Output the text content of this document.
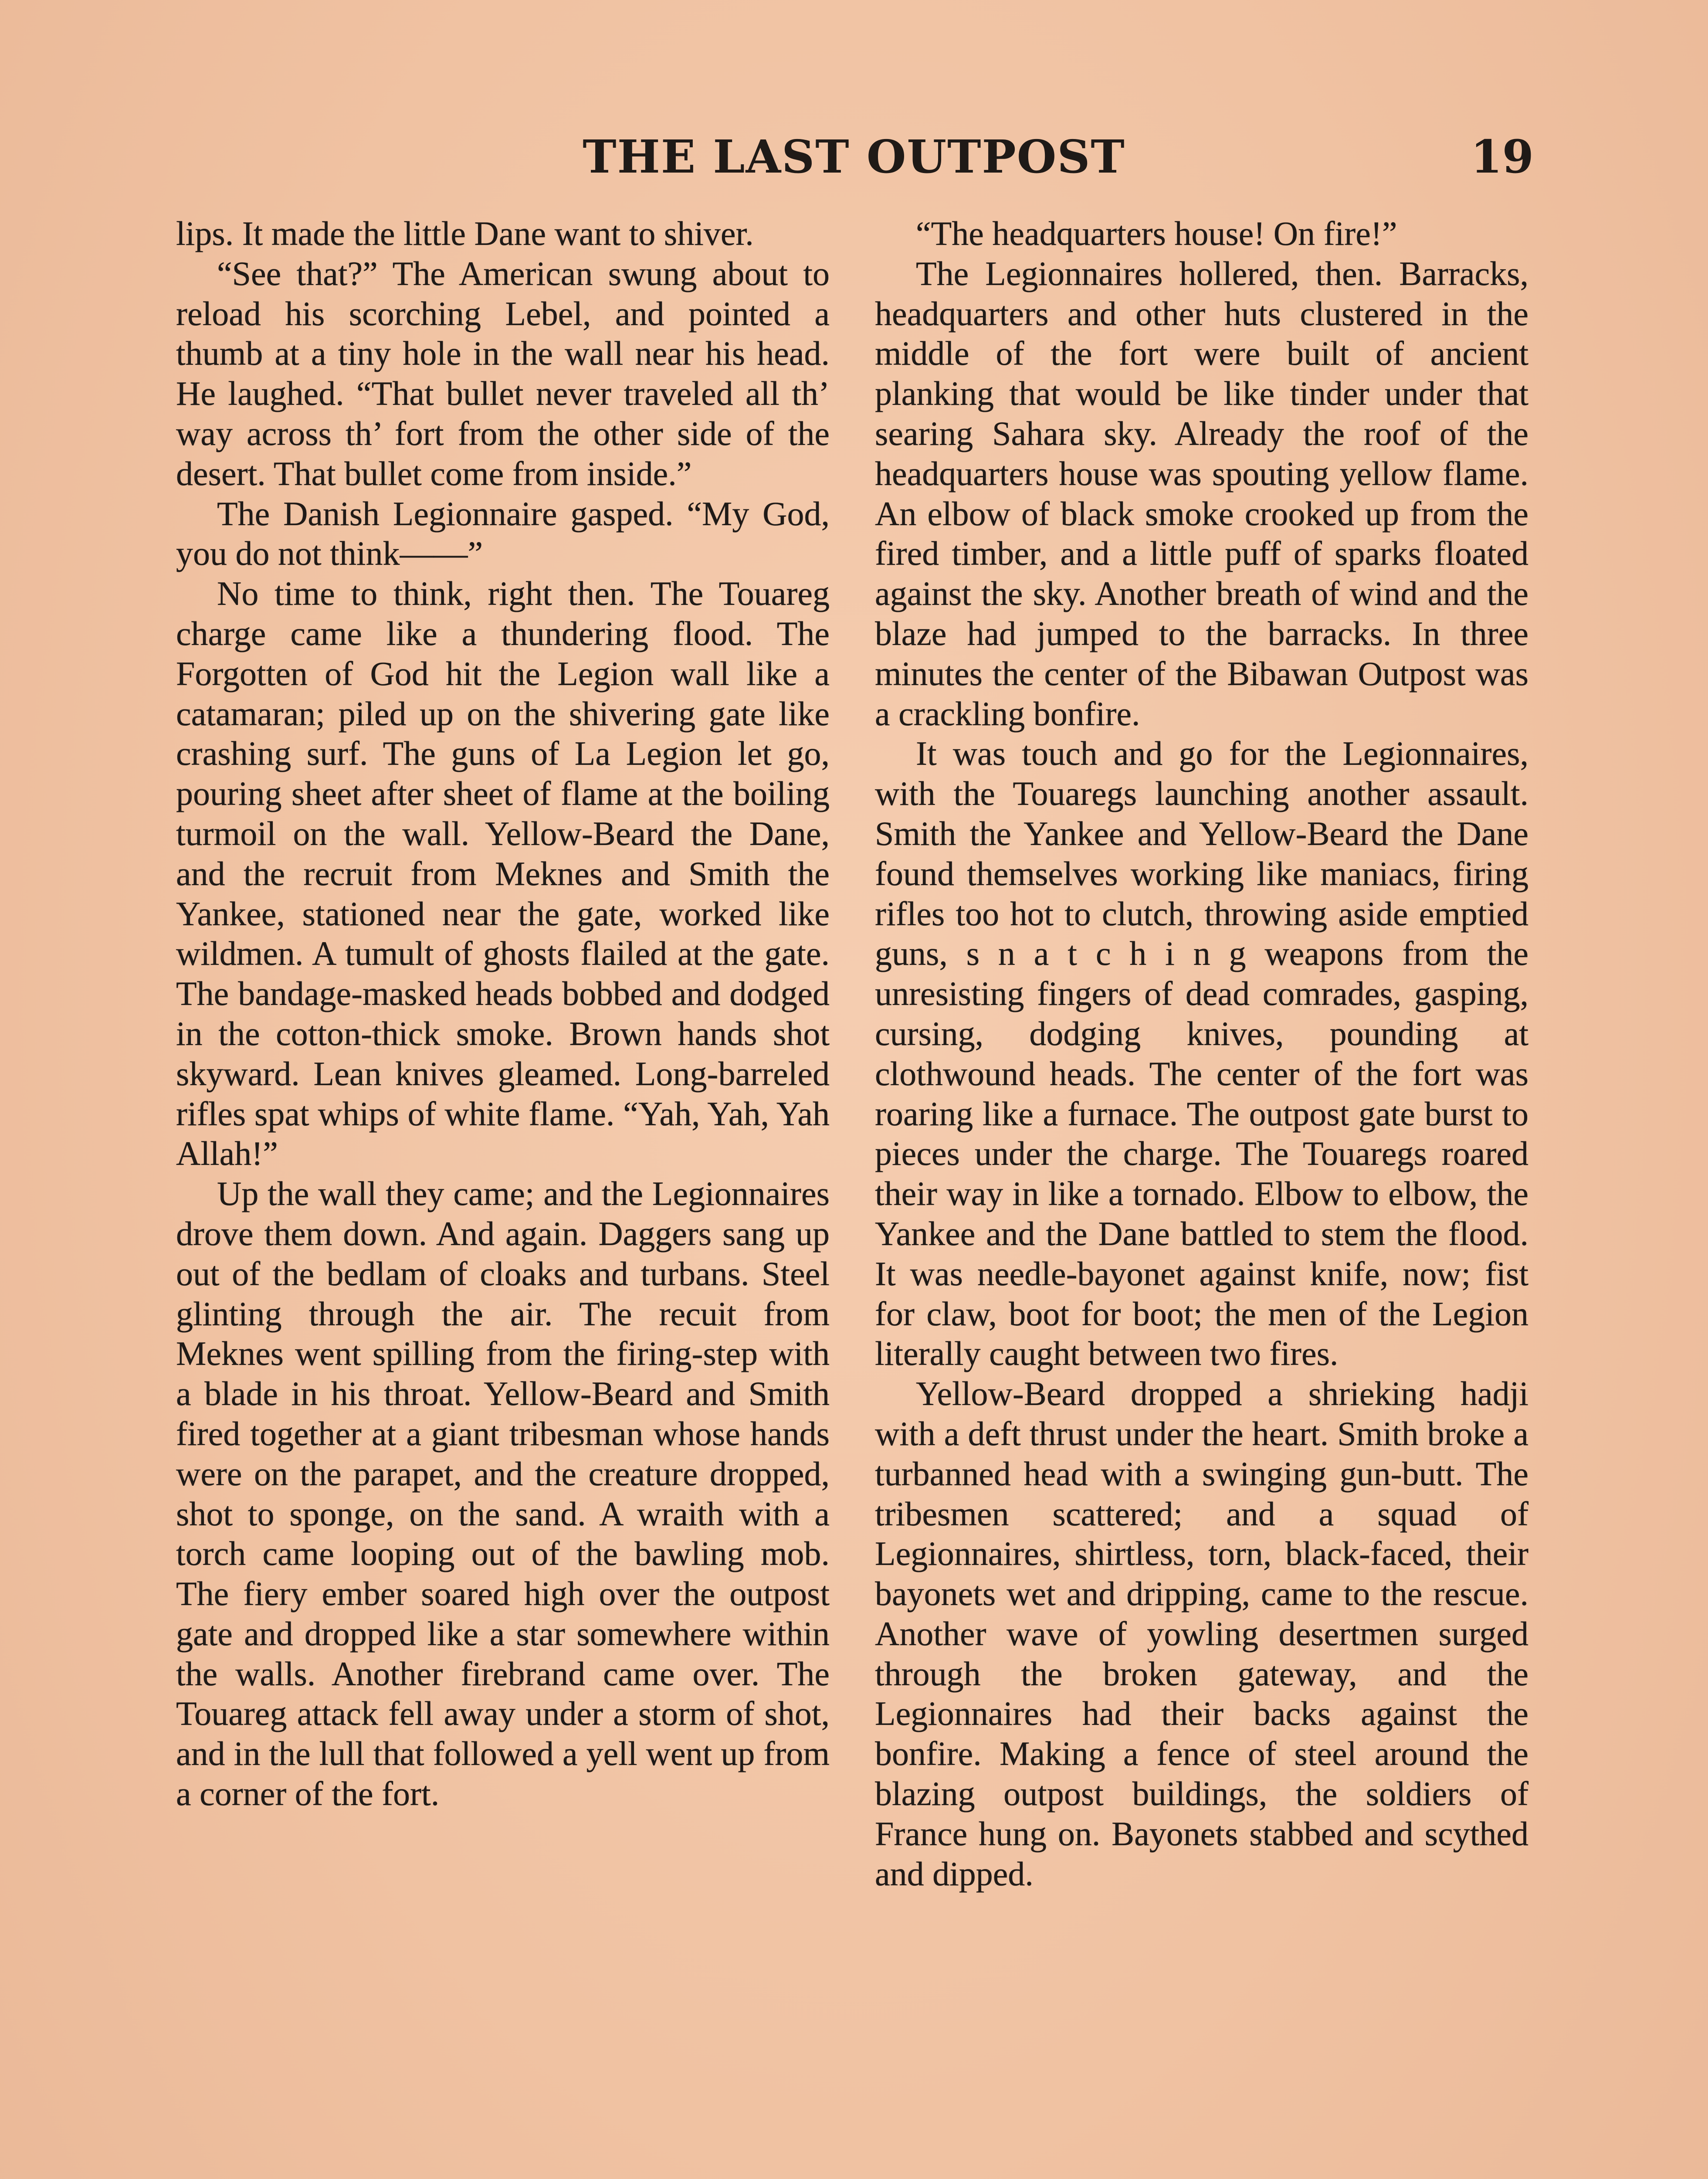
THE LAST OUTPOST	19

lips. It made the little Dane want to shiver.

“See that?” The American swung about to reload his scorching Lebel, and pointed a thumb at a tiny hole in the wall near his head. He laughed. “That bullet never traveled all th’ way across th’ fort from the other side of the desert. That bullet come from inside.”

The Danish Legionnaire gasped. “My God, you do not think——”

No time to think, right then. The Touareg charge came like a thundering flood. The Forgotten of God hit the Legion wall like a catamaran; piled up on the shivering gate like crashing surf. The guns of La Legion let go, pouring sheet after sheet of flame at the boiling turmoil on the wall. Yellow-Beard the Dane, and the recruit from Meknes and Smith the Yankee, stationed near the gate, worked like wildmen. A tumult of ghosts flailed at the gate. The bandage-masked heads bobbed and dodged in the cotton-thick smoke. Brown hands shot skyward. Lean knives gleamed. Long-barreled rifles spat whips of white flame. “Yah, Yah, Yah Allah!”

Up the wall they came; and the Legionnaires drove them down. And again. Daggers sang up out of the bedlam of cloaks and turbans. Steel glinting through the air. The recuit from Meknes went spilling from the firing-step with a blade in his throat. Yellow-Beard and Smith fired together at a giant tribesman whose hands were on the parapet, and the creature dropped, shot to sponge, on the sand. A wraith with a torch came looping out of the bawling mob. The fiery ember soared high over the outpost gate and dropped like a star somewhere within the walls. Another firebrand came over. The Touareg attack fell away under a storm of shot, and in the lull that followed a yell went up from a corner of the fort.

“The headquarters house! On fire!”

The Legionnaires hollered, then. Barracks, headquarters and other huts clustered in the middle of the fort were built of ancient planking that would be like tinder under that searing Sahara sky. Already the roof of the headquarters house was spouting yellow flame. An elbow of black smoke crooked up from the fired timber, and a little puff of sparks floated against the sky. Another breath of wind and the blaze had jumped to the barracks. In three minutes the center of the Bibawan Outpost was a crackling bonfire.

It was touch and go for the Legionnaires, with the Touaregs launching another assault. Smith the Yankee and Yellow-Beard the Dane found themselves working like maniacs, firing rifles too hot to clutch, throwing aside emptied guns, s n a t c h i n g weapons from the unresisting fingers of dead comrades, gasping, cursing, dodging knives, pounding at clothwound heads. The center of the fort was roaring like a furnace. The outpost gate burst to pieces under the charge. The Touaregs roared their way in like a tornado. Elbow to elbow, the Yankee and the Dane battled to stem the flood. It was needle-bayonet against knife, now; fist for claw, boot for boot; the men of the Legion literally caught between two fires.

Yellow-Beard dropped a shrieking hadji with a deft thrust under the heart. Smith broke a turbanned head with a swinging gun-butt. The tribesmen scattered; and a squad of Legionnaires, shirtless, torn, black-faced, their bayonets wet and dripping, came to the rescue. Another wave of yowling desertmen surged through the broken gateway, and the Legionnaires had their backs against the bonfire. Making a fence of steel around the blazing outpost buildings, the soldiers of France hung on. Bayonets stabbed and scythed and dipped.
